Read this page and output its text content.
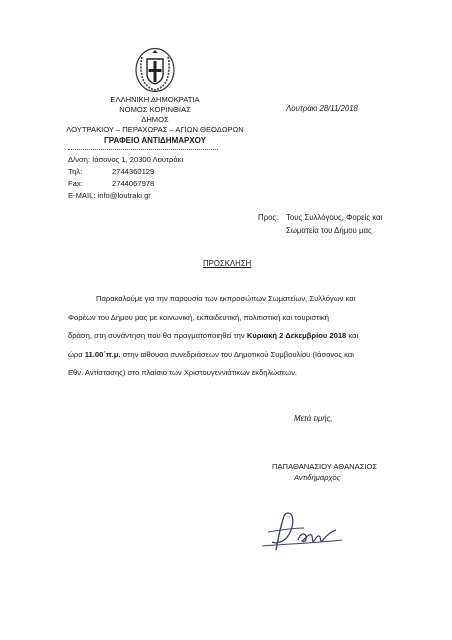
ΕΛΛΗΝΙΚΗ ΔΗΜΟΚΡΑΤΙΑ
ΝΟΜΟΣ ΚΟΡΙΝΘΙΑΣ
ΔΗΜΟΣ
ΛΟΥΤΡΑΚΙΟΥ – ΠΕΡΑΧΩΡΑΣ – ΑΓΙΩΝ ΘΕΟΔΩΡΩΝ
ΓΡΑΦΕΙΟ ΑΝΤΙΔΗΜΑΡΧΟΥ
Λουτράκι 28/11/2018
Δ/νση: Ιάσονος 1, 20300 Λουτράκι
Τηλ:	2744360129
Fax:	2744067978
E-MAIL: info@loutraki.gr
Προς: Τους Συλλόγους, Φορείς και
Σωματεία του Δήμου μας
ΠΡΟΣΚΛΗΣΗ

Παρακαλούμε για την παρουσία των εκπροσώπων Σωματείων, Συλλόγων και

Φορέων του Δήμου μας με κοινωνική, εκπαιδευτική, πολιτιστική και τουριστική

δράση, στη συνάντηση που θα πραγματοποιηθεί την Κυριακή 2 Δεκεμβρίου 2018 και

ώρα 11.00΄π.μ. στην αίθουσα συνεδριάσεων του Δημοτικού Συμβουλίου (Ιάσονος και

Εθν. Αντίστασης) στο πλαίσιο των Χριστουγεννιάτικων εκδηλώσεων.

Μετά τιμής,
ΠΑΠΑΘΑΝΑΣΙΟΥ ΑΘΑΝΑΣΙΟΣ
Αντιδήμαρχος
